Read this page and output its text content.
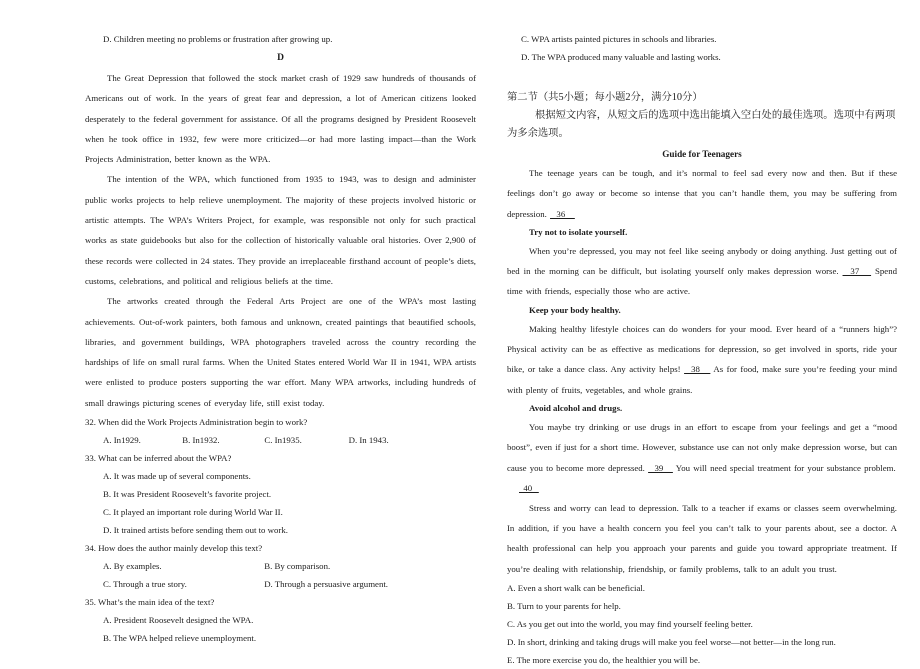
D. Children meeting no problems or frustration after growing up.
D

The Great Depression that followed the stock market crash of 1929 saw hundreds of thousands of Americans out of work. In the years of great fear and depression, a lot of American citizens looked desperately to the federal government for assistance. Of all the programs designed by President Roosevelt when he took office in 1932, few were more criticized—or had more lasting impact—than the Work Projects Administration, better known as the WPA.

The intention of the WPA, which functioned from 1935 to 1943, was to design and administer public works projects to help relieve unemployment. The majority of these projects involved historic or artistic attempts. The WPA’s Writers Project, for example, was responsible not only for such practical works as state guidebooks but also for the collection of historically valuable oral histories. Over 2,900 of these records were collected in 24 states. They provide an irreplaceable firsthand account of people’s diets, customs, celebrations, and political and religious beliefs at the time.

The artworks created through the Federal Arts Project are one of the WPA’s most lasting achievements. Out-of-work painters, both famous and unknown, created paintings that beautified schools, libraries, and government buildings, WPA photographers traveled across the country recording the hardships of life on small rural farms. When the United States entered World War II in 1941, WPA artists were enlisted to produce posters supporting the war effort. Many WPA artworks, including hundreds of small drawings picturing scenes of everyday life, still exist today.

32. When did the Work Projects Administration begin to work?
A. In1929.	B. In1932.	C. In1935.	D. In 1943.
33. What can be inferred about the WPA?
A. It was made up of several components.
B. It was President Roosevelt’s favorite project.
C. It played an important role during World War II.
D. It trained artists before sending them out to work.
34. How does the author mainly develop this text?
A. By examples.	B. By comparison.
C. Through a true story.	D. Through a persuasive argument.
35. What’s the main idea of the text?
A. President Roosevelt designed the WPA.
B. The WPA helped relieve unemployment.
C. WPA artists painted pictures in schools and libraries.
D. The WPA produced many valuable and lasting works.
第二节（共5小题；每小题2分，满分10分）
根据短文内容，从短文后的选项中选出能填入空白处的最佳选项。选项中有两项为多余选项。
Guide for Teenagers

The teenage years can be tough, and it’s normal to feel sad every now and then. But if these feelings don’t go away or become so intense that you can’t handle them, you may be suffering from depression.   36

Try not to isolate yourself.

When you’re depressed, you may not feel like seeing anybody or doing anything. Just getting out of bed in the morning can be difficult, but isolating yourself only makes depression worse.   37    Spend time with friends, especially those who are active.

Keep your body healthy.

Making healthy lifestyle choices can do wonders for your mood. Ever heard of a “runners high”? Physical activity can be as effective as medications for depression, so get involved in sports, ride your bike, or take a dance class. Any activity helps!   38    As for food, make sure you’re feeding your mind with plenty of fruits, vegetables, and whole grains.

Avoid alcohol and drugs.

You maybe try drinking or use drugs in an effort to escape from your feelings and get a “mood boost”, even if just for a short time. However, substance use can not only make depression worse, but can cause you to become more depressed.   39    You will need special treatment for your substance problem.

40

Stress and worry can lead to depression. Talk to a teacher if exams or classes seem overwhelming. In addition, if you have a health concern you feel you can’t talk to your parents about, see a doctor. A health professional can help you approach your parents and guide you toward appropriate treatment. If you’re dealing with relationship, friendship, or family problems, talk to an adult you trust.

A. Even a short walk can be beneficial.
B. Turn to your parents for help.
C. As you get out into the world, you may find yourself feeling better.
D. In short, drinking and taking drugs will make you feel worse—not better—in the long run.
E. The more exercise you do, the healthier you will be.
